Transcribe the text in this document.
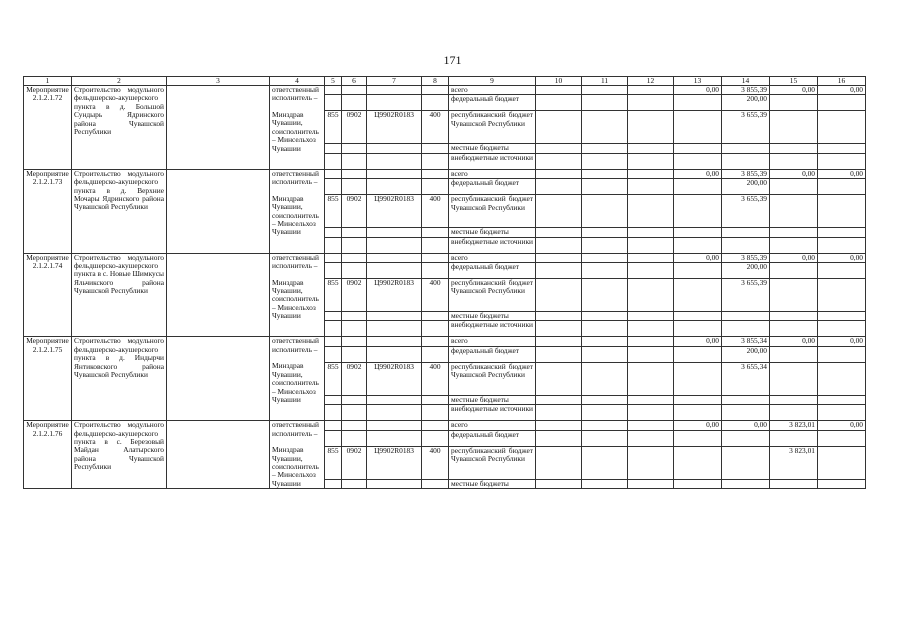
171
1	2	3	4	5	6	7	8	9	10	11	12	13	14	15	16
Мероприятие 2.1.2.1.72	Строительство модульного фельдшерско-акушерского пункта в д. Большой Сундырь Ядринского района Чувашской Республики		ответственный исполнитель –					всего				0,00	3 855,39	0,00	0,00
								федеральный бюджет					200,00		
			Минздрав Чувашии, соисполнитель – Минсельхоз Чувашии	855	0902	Ц9902R0183	400	республиканский бюджет Чувашской Республики					3 655,39		
								местные бюджеты							
								внебюджетные источники							
Мероприятие 2.1.2.1.73	Строительство модульного фельдшерско-акушерского пункта в д. Верхние Мочары Ядринского района Чувашской Республики		ответственный исполнитель –					всего				0,00	3 855,39	0,00	0,00
								федеральный бюджет					200,00		
			Минздрав Чувашии, соисполнитель – Минсельхоз Чувашии	855	0902	Ц9902R0183	400	республиканский бюджет Чувашской Республики					3 655,39		
								местные бюджеты							
								внебюджетные источники							
Мероприятие 2.1.2.1.74	Строительство модульного фельдшерско-акушерского пункта в с. Новые Шимкусы Яльчикского района Чувашской Республики		ответственный исполнитель –					всего				0,00	3 855,39	0,00	0,00
								федеральный бюджет					200,00		
			Минздрав Чувашии, соисполнитель – Минсельхоз Чувашии	855	0902	Ц9902R0183	400	республиканский бюджет Чувашской Республики					3 655,39		
								местные бюджеты							
								внебюджетные источники							
Мероприятие 2.1.2.1.75	Строительство модульного фельдшерско-акушерского пункта в д. Индырчи Янтиковского района Чувашской Республики		ответственный исполнитель –					всего				0,00	3 855,34	0,00	0,00
								федеральный бюджет					200,00		
			Минздрав Чувашии, соисполнитель – Минсельхоз Чувашии	855	0902	Ц9902R0183	400	республиканский бюджет Чувашской Республики					3 655,34		
								местные бюджеты							
								внебюджетные источники							
Мероприятие 2.1.2.1.76	Строительство модульного фельдшерско-акушерского пункта в с. Березовый Майдан Алатырского района Чувашской Республики		ответственный исполнитель –					всего				0,00	0,00	3 823,01	0,00
								федеральный бюджет							
			Минздрав Чувашии, соисполнитель – Минсельхоз Чувашии	855	0902	Ц9902R0183	400	республиканский бюджет Чувашской Республики						3 823,01	
								местные бюджеты							
